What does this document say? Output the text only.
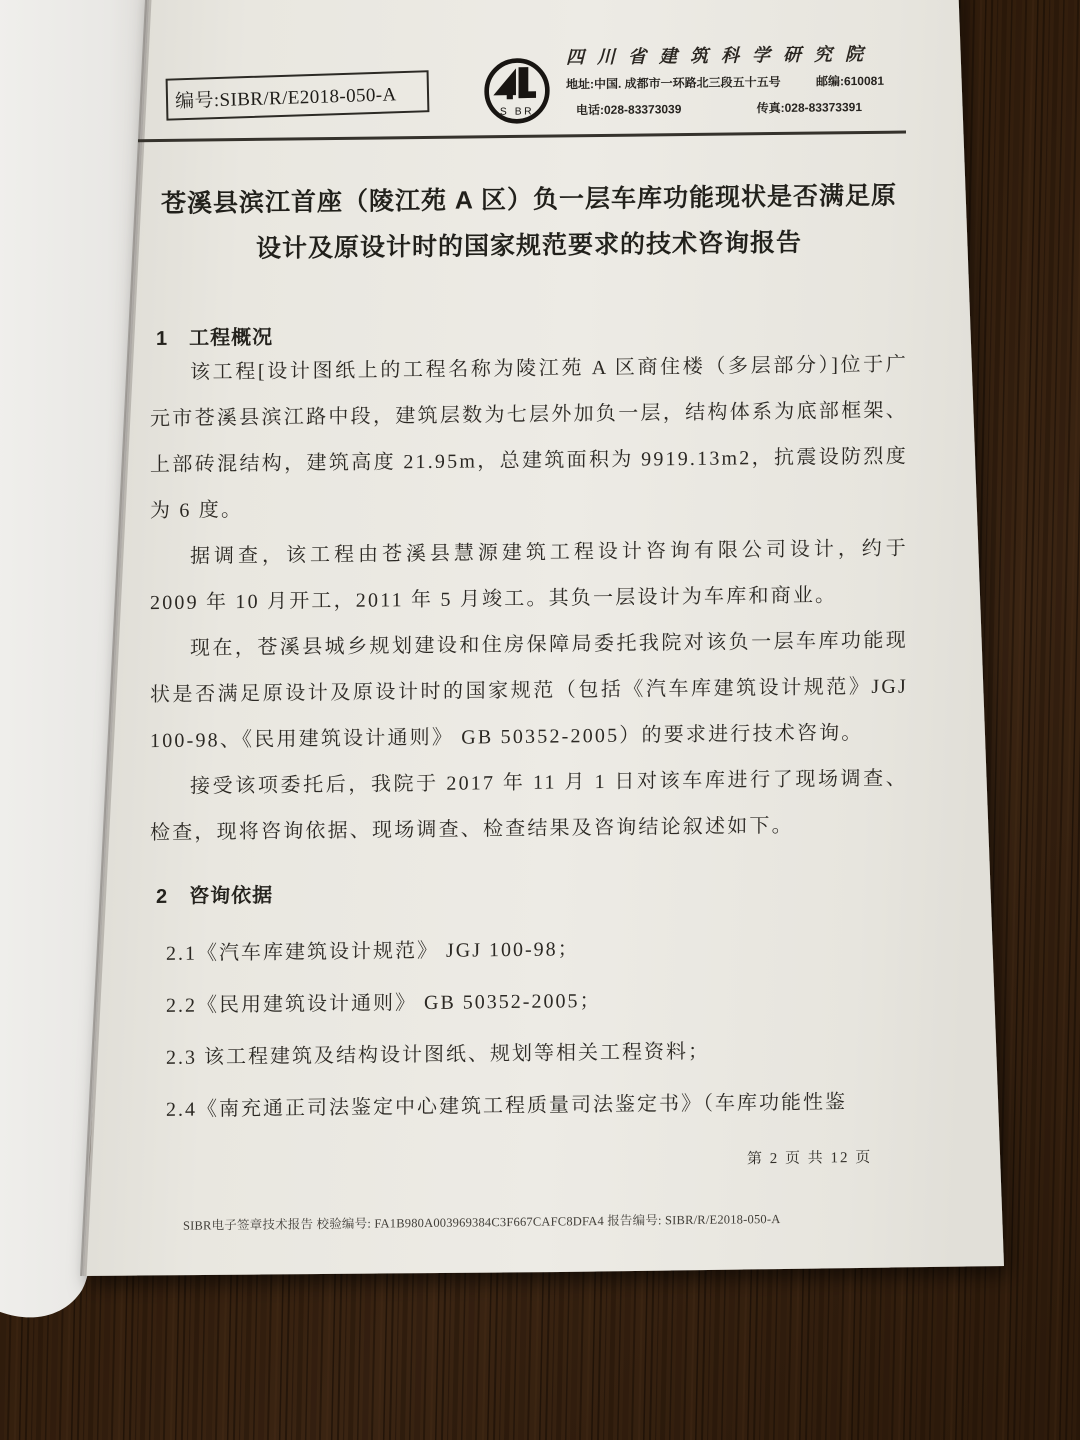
编号:SIBR/R/E2018-050-A
S BR
四川省建筑科学研究院
地址:中国. 成都市一环路北三段五十五号	邮编:610081
电话:028-83373039	传真:028-83373391
苍溪县滨江首座（陵江苑 A 区）负一层车库功能现状是否满足原
设计及原设计时的国家规范要求的技术咨询报告
1　工程概况

该工程[设计图纸上的工程名称为陵江苑 A 区商住楼（多层部分）]位于广元市苍溪县滨江路中段，建筑层数为七层外加负一层，结构体系为底部框架、上部砖混结构，建筑高度 21.95m，总建筑面积为 9919.13m2，抗震设防烈度为 6 度。

据调查，该工程由苍溪县慧源建筑工程设计咨询有限公司设计，约于 2009 年 10 月开工，2011 年 5 月竣工。其负一层设计为车库和商业。

现在，苍溪县城乡规划建设和住房保障局委托我院对该负一层车库功能现状是否满足原设计及原设计时的国家规范（包括《汽车库建筑设计规范》JGJ 100-98、《民用建筑设计通则》 GB 50352-2005）的要求进行技术咨询。

接受该项委托后，我院于 2017 年 11 月 1 日对该车库进行了现场调查、检查，现将咨询依据、现场调查、检查结果及咨询结论叙述如下。

2　咨询依据

2.1《汽车库建筑设计规范》 JGJ 100-98；

2.2《民用建筑设计通则》 GB 50352-2005；

2.3 该工程建筑及结构设计图纸、规划等相关工程资料；

2.4《南充通正司法鉴定中心建筑工程质量司法鉴定书》（车库功能性鉴

第 2 页 共 12 页
SIBR电子签章技术报告 校验编号: FA1B980A003969384C3F667CAFC8DFA4 报告编号: SIBR/R/E2018-050-A
